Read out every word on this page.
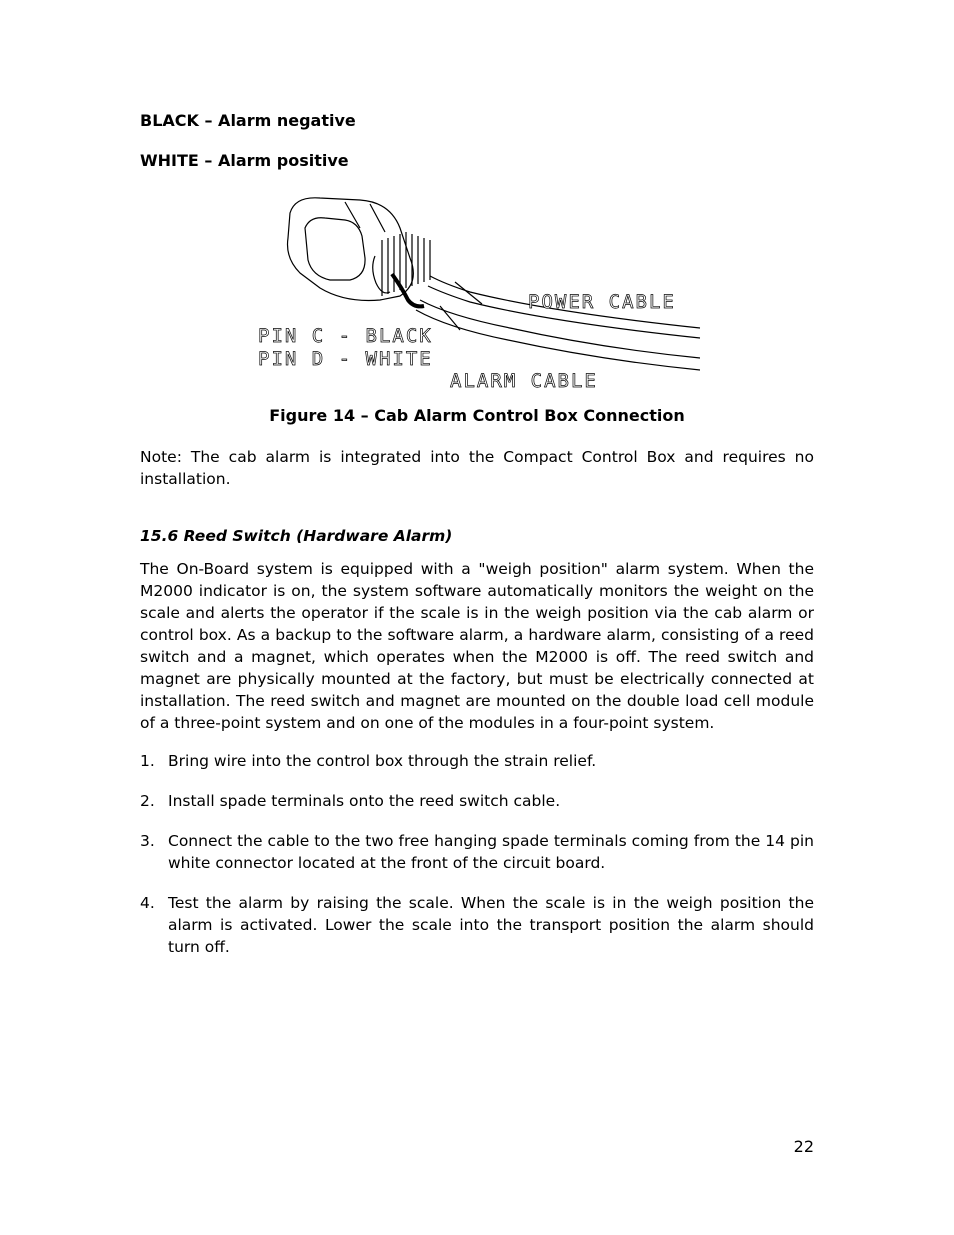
BLACK – Alarm negative
WHITE – Alarm positive
POWER CABLE
PIN C - BLACK
PIN D - WHITE
ALARM CABLE
Figure 14 – Cab Alarm Control Box Connection

Note: The cab alarm is integrated into the Compact Control Box and requires no installation.

15.6 Reed Switch (Hardware Alarm)

The On-Board system is equipped with a "weigh position" alarm system. When the M2000 indicator is on, the system software automatically monitors the weight on the scale and alerts the operator if the scale is in the weigh position via the cab alarm or control box. As a backup to the software alarm, a hardware alarm, consisting of a reed switch and a magnet, which operates when the M2000 is off. The reed switch and magnet are physically mounted at the factory, but must be electrically connected at installation. The reed switch and magnet are mounted on the double load cell module of a three-point system and on one of the modules in a four-point system.

1. Bring wire into the control box through the strain relief.
2. Install spade terminals onto the reed switch cable.
3. Connect the cable to the two free hanging spade terminals coming from the 14 pin white connector located at the front of the circuit board.
4. Test the alarm by raising the scale. When the scale is in the weigh position the alarm is activated. Lower the scale into the transport position the alarm should turn off.
22
